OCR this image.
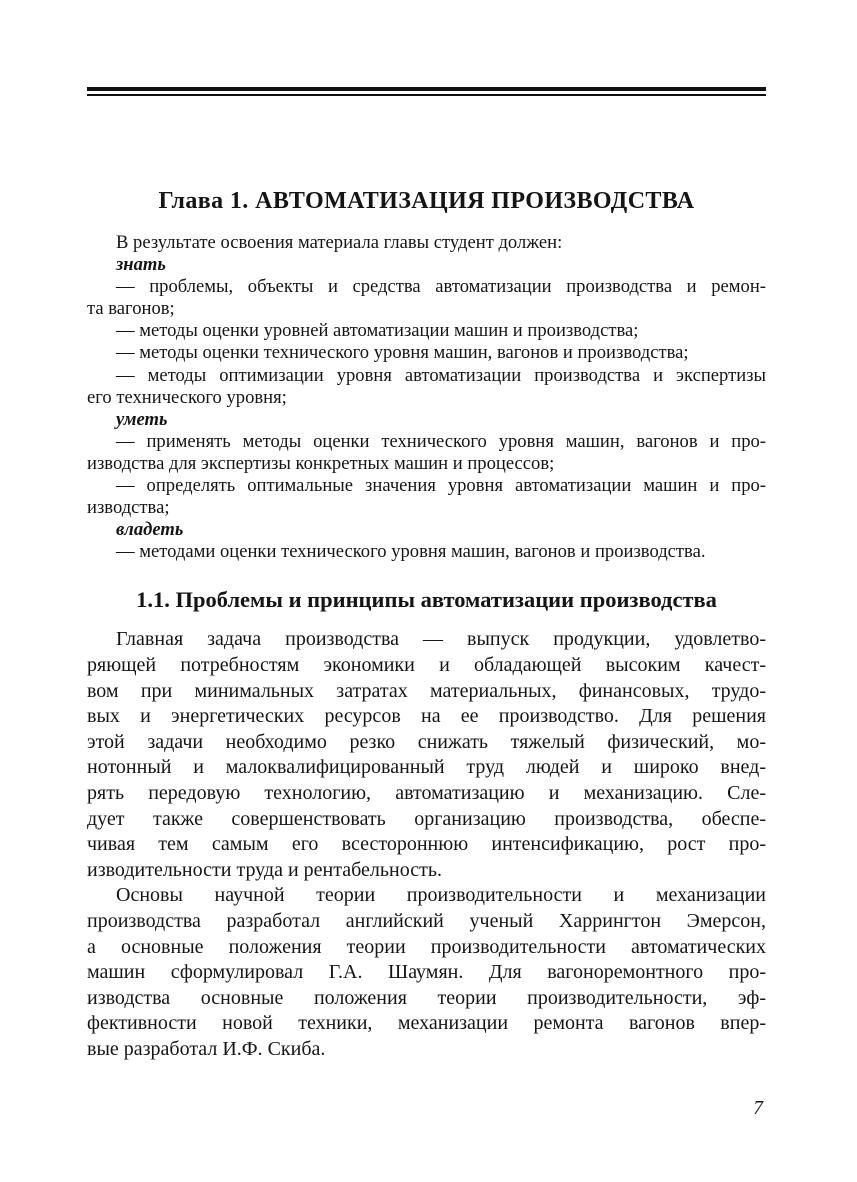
Глава 1. АВТОМАТИЗАЦИЯ ПРОИЗВОДСТВА
В результате освоения материала главы студент должен:
знать
— проблемы, объекты и средства автоматизации производства и ремон-
та вагонов;
— методы оценки уровней автоматизации машин и производства;
— методы оценки технического уровня машин, вагонов и производства;
— методы оптимизации уровня автоматизации производства и экспертизы
его технического уровня;
уметь
— применять методы оценки технического уровня машин, вагонов и про-
изводства для экспертизы конкретных машин и процессов;
— определять оптимальные значения уровня автоматизации машин и про-
изводства;
владеть
— методами оценки технического уровня машин, вагонов и производства.
1.1. Проблемы и принципы автоматизации производства
Главная задача производства — выпуск продукции, удовлетво-
ряющей потребностям экономики и обладающей высоким качест-
вом при минимальных затратах материальных, финансовых, трудо-
вых и энергетических ресурсов на ее производство. Для решения
этой задачи необходимо резко снижать тяжелый физический, мо-
нотонный и малоквалифицированный труд людей и широко внед-
рять передовую технологию, автоматизацию и механизацию. Сле-
дует также совершенствовать организацию производства, обеспе-
чивая тем самым его всестороннюю интенсификацию, рост про-
изводительности труда и рентабельность.
Основы научной теории производительности и механизации
производства разработал английский ученый Харрингтон Эмерсон,
а основные положения теории производительности автоматических
машин сформулировал Г.А. Шаумян. Для вагоноремонтного про-
изводства основные положения теории производительности, эф-
фективности новой техники, механизации ремонта вагонов впер-
вые разработал И.Ф. Скиба.
7
